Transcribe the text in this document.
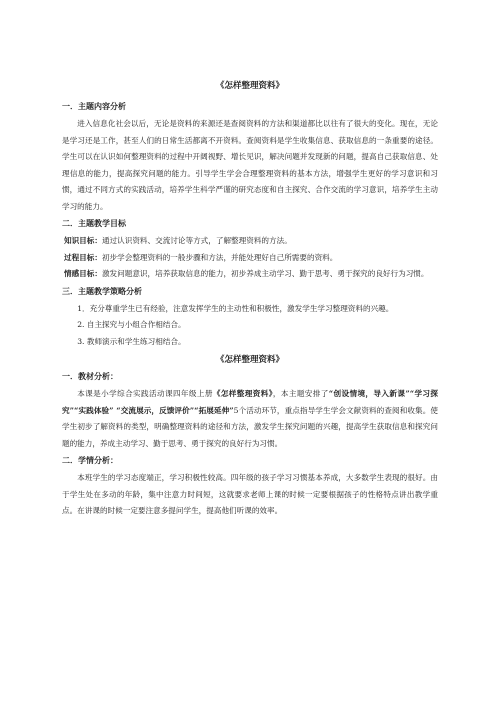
《怎样整理资料》
一．主题内容分析

进入信息化社会以后，无论是资料的来源还是查阅资料的方法和渠道都比以往有了很大的变化。现在，无论是学习还是工作，甚至人们的日常生活都离不开资料。查阅资料是学生收集信息、获取信息的一条重要的途径。学生可以在认识如何整理资料的过程中开阔视野、增长见识，解决问题并发现新的问题，提高自己获取信息、处理信息的能力，提高探究问题的能力。引导学生学会合理整理资料的基本方法，增强学生更好的学习意识和习惯，通过不同方式的实践活动，培养学生科学严谨的研究态度和自主探究、合作交流的学习意识，培养学生主动学习的能力。

二．主题教学目标

知识目标：通过认识资料、交流讨论等方式，了解整理资料的方法。

过程目标：初步学会整理资料的一般步骤和方法，并能处理好自己所需要的资料。

情感目标：激发问题意识，培养获取信息的能力，初步养成主动学习、勤于思考、勇于探究的良好行为习惯。

三．主题教学策略分析

1．充分尊重学生已有经验，注意发挥学生的主动性和积极性，激发学生学习整理资料的兴趣。

2. 自主探究与小组合作相结合。

3. 教师演示和学生练习相结合。

《怎样整理资料》
一．教材分析：

本课是小学综合实践活动课四年级上册《怎样整理资料》，本主题安排了“创设情境，导入新课”“学习探究”“实践体验” “交流展示，反馈评价”“拓展延伸”5个活动环节，重点指导学生学会文献资料的查阅和收集。使学生初步了解资料的类型，明确整理资料的途径和方法，激发学生探究问题的兴趣，提高学生获取信息和探究问题的能力，养成主动学习、勤于思考、勇于探究的良好行为习惯。

二．学情分析：

本班学生的学习态度端正，学习积极性较高。四年级的孩子学习习惯基本养成，大多数学生表现的很好。由于学生处在多动的年龄，集中注意力时间短，这就要求老师上课的时候一定要根据孩子的性格特点讲出教学重点。在讲课的时候一定要注意多提问学生，提高他们听课的效率。
